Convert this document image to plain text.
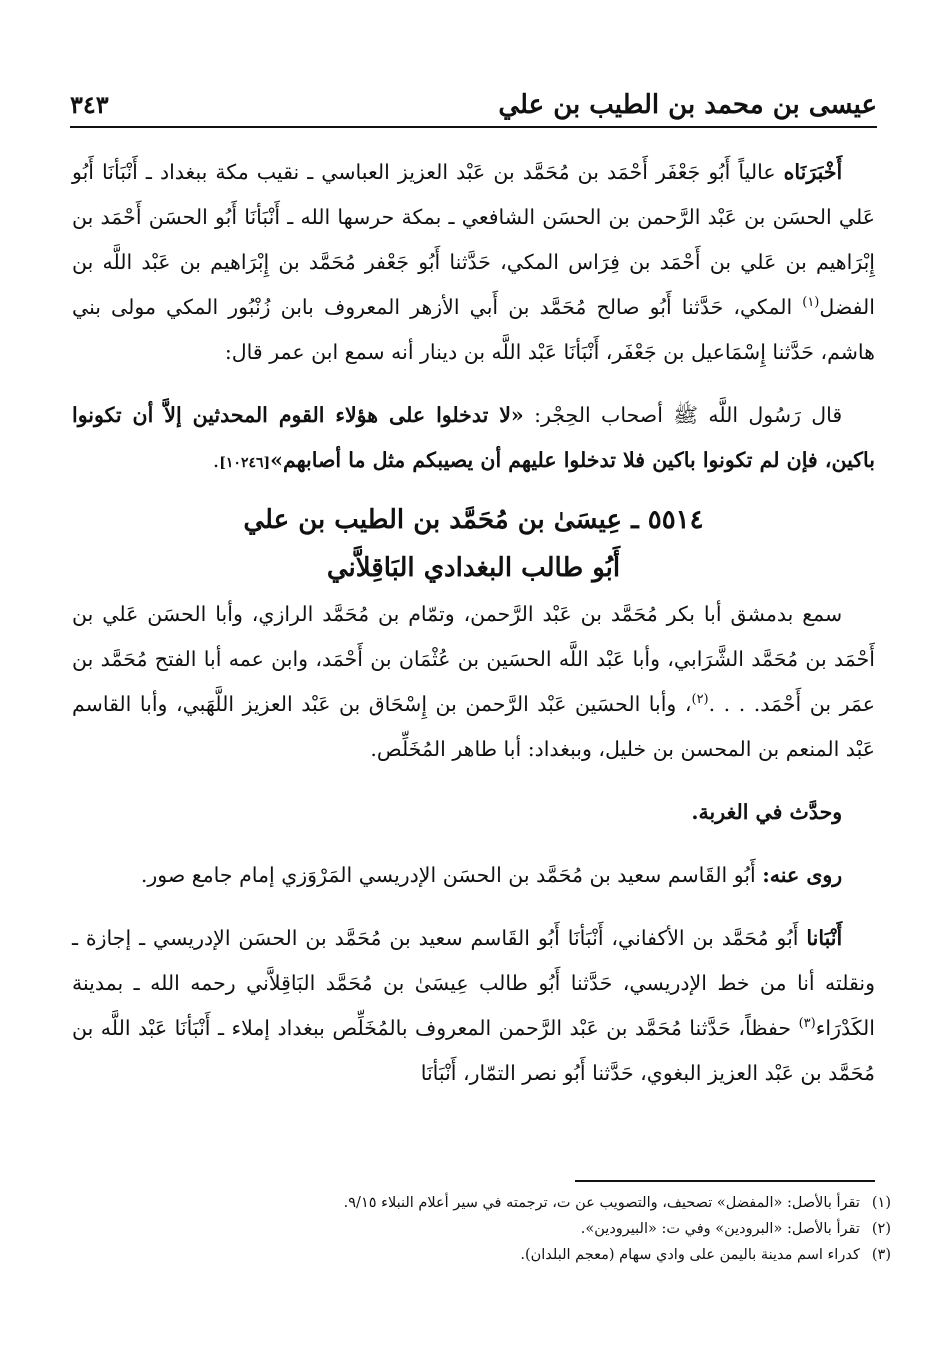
عيسى بن محمد بن الطيب بن علي
٣٤٣

أَخْبَرَنَاه عالياً أَبُو جَعْفَر أَحْمَد بن مُحَمَّد بن عَبْد العزيز العباسي ـ نقيب مكة ببغداد ـ أَنْبَأنَا أَبُو عَلي الحسَن بن عَبْد الرَّحمن بن الحسَن الشافعي ـ بمكة حرسها الله ـ أَنْبَأنَا أَبُو الحسَن أَحْمَد بن إِبْرَاهيم بن عَلي بن أَحْمَد بن فِرَاس المكي، حَدَّثنا أَبُو جَعْفر مُحَمَّد بن إِبْرَاهيم بن عَبْد اللَّه بن الفضل$^{(١)}$ المكي، حَدَّثنا أَبُو صالح مُحَمَّد بن أَبي الأزهر المعروف بابن زُنْبُور المكي مولى بني هاشم، حَدَّثنا إِسْمَاعيل بن جَعْفَر، أَنْبَأنَا عَبْد اللَّه بن دينار أنه سمع ابن عمر قال:

قال رَسُول اللَّه ﷺ أصحاب الحِجْر: «لا تدخلوا على هؤلاء القوم المحدثين إلاَّ أن تكونوا باكين، فإن لم تكونوا باكين فلا تدخلوا عليهم أن يصيبكم مثل ما أصابهم»[١٠٢٤٦].

٥٥١٤ ـ عِيسَىٰ بن مُحَمَّد بن الطيب بن علي

أَبُو طالب البغدادي البَاقِلاَّني

سمع بدمشق أبا بكر مُحَمَّد بن عَبْد الرَّحمن، وتمّام بن مُحَمَّد الرازي، وأبا الحسَن عَلي بن أَحْمَد بن مُحَمَّد الشَّرَابي، وأبا عَبْد اللَّه الحسَين بن عُثْمَان بن أَحْمَد، وابن عمه أبا الفتح مُحَمَّد بن عمَر بن أَحْمَد. . . .$^{(٢)}$، وأبا الحسَين عَبْد الرَّحمن بن إِسْحَاق بن عَبْد العزيز اللَّهَبي، وأبا القاسم عَبْد المنعم بن المحسن بن خليل، وببغداد: أبا طاهر المُخَلِّص.

وحدَّث في الغربة.

روى عنه: أَبُو القَاسم سعيد بن مُحَمَّد بن الحسَن الإدريسي المَرْوَزي إمام جامع صور.

أَنْبَانا أَبُو مُحَمَّد بن الأكفاني، أَنْبَأنَا أَبُو القَاسم سعيد بن مُحَمَّد بن الحسَن الإدريسي ـ إجازة ـ ونقلته أنا من خط الإدريسي، حَدَّثنا أَبُو طالب عِيسَىٰ بن مُحَمَّد البَاقِلاَّني رحمه الله ـ بمدينة الكَدْرَاء$^{(٣)}$ حفظاً، حَدَّثنا مُحَمَّد بن عَبْد الرَّحمن المعروف بالمُخَلِّص ببغداد إملاء ـ أَنْبَأنَا عَبْد اللَّه بن مُحَمَّد بن عَبْد العزيز البغوي، حَدَّثنا أَبُو نصر التمّار، أَنْبَأنَا

(١)
تقرأ بالأصل: «المفضل» تصحيف، والتصويب عن ت، ترجمته في سير أعلام النبلاء ٩/١٥.
(٢)
تقرأ بالأصل: «البرودين» وفي ت: «البيرودين».
(٣)
كدراء اسم مدينة باليمن على وادي سهام (معجم البلدان).
